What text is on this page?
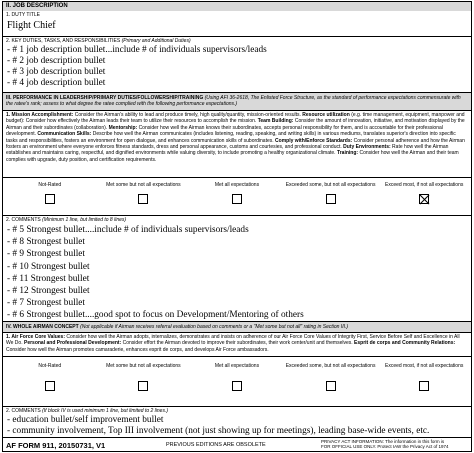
II. JOB DESCRIPTION
1. DUTY TITLE
Flight Chief
2. KEY DUTIES, TASKS, AND RESPONSIBILITIES (Primary and Additional Duties)
- # 1 job description bullet...include # of individuals supervisors/leads
- # 2 job description bullet
- # 3 job description bullet
- # 4 job description bullet
III. PERFORMANCE IN LEADERSHIP/PRIMARY DUTIES/FOLLOWERSHIP/TRAINING (Using AFI 36-2618, The Enlisted Force Structure, as the standard of performance expectations commensurate with the ratee's rank; assess to what degree the ratee complied with the following performance expectations.)
1. Mission Accomplishment: Consider the Airman's ability to lead and produce timely, high quality/quantity, mission-oriented results. Resource utilization (e.g. time management, equipment, manpower and budget): Consider how effectively the Airman leads their team to utilize their resources to accomplish the mission. Team Building: Consider the amount of innovation, initiative, and motivation displayed by the Airman and their subordinates (collaboration). Mentorship: Consider how well the Airman knows their subordinates, accepts personal responsibility for them, and is accountable for their professional development. Communication Skills: Describe how well the Airman communicates (includes listening, reading, speaking, and writing skills) in various mediums, translates superior's direction into specific tasks and responsibilities, fosters an environment for open dialogue, and enhances communication skills of subordinates. Comply with/Enforce Standards: Consider personal adherence and how the Airman fosters an environment where everyone enforces fitness standards, dress and personal appearance, customs and courtesies, and professional conduct. Duty Environments: Rate how well the Airman establishes and maintains caring, respectful, and dignified environments while valuing diversity, to include promoting a healthy organizational climate. Training: Consider how well the Airman and their team complies with upgrade, duty position, and certification requirements.
Not-Rated	Met some but not all expectations	Met all expectations	Exceeded some, but not all expectations	Exceed most, if not all expectations
2. COMMENTS (Minimum 1 line, but limited to 8 lines)
- # 5 Strongest bullet....include # of individuals supervisors/leads
- # 8 Strongest bullet
- # 9 Strongest bullet
- # 10 Strongest bullet
- # 11 Strongest bullet
- # 12 Strongest bullet
- # 7 Strongest bullet
- # 6 Strongest bullet....good spot to focus on Development/Mentoring of others
IV. WHOLE AIRMAN CONCEPT (Not applicable if Airman receives referral evaluation based on comments or a "Met some but not all" rating in Section III.)
1. Air Force Core Values: Consider how well the Airman adopts, internalizes, demonstrates and insists on adherence of our Air Force Core Values of Integrity First, Service Before Self and Excellence in All We Do. Personal and Professional Development: Consider effort the Airman devoted to improve their subordinates, their work center/unit and themselves. Esprit de corps and Community Relations: Consider how well the Airman promotes camaraderie, enhances esprit de corps, and develops Air Force ambassadors.
Not-Rated	Met some but not all expectations	Met all expectations	Exceeded some, but not all expectations	Exceed most, if not all expectations
2. COMMENTS (If block IV is used minimum 1 line, but limited to 2 lines.)
- education bullet/self improvement bullet
- community involvement, Top III involvement (not just showing up for meetings), leading base-wide events, etc.
AF FORM 911, 20150731, V1	PREVIOUS EDITIONS ARE OBSOLETE
PRIVACY ACT INFORMATION: The information in this form is
FOR OFFICIAL USE ONLY. Protect IAW the Privacy Act of 1974
